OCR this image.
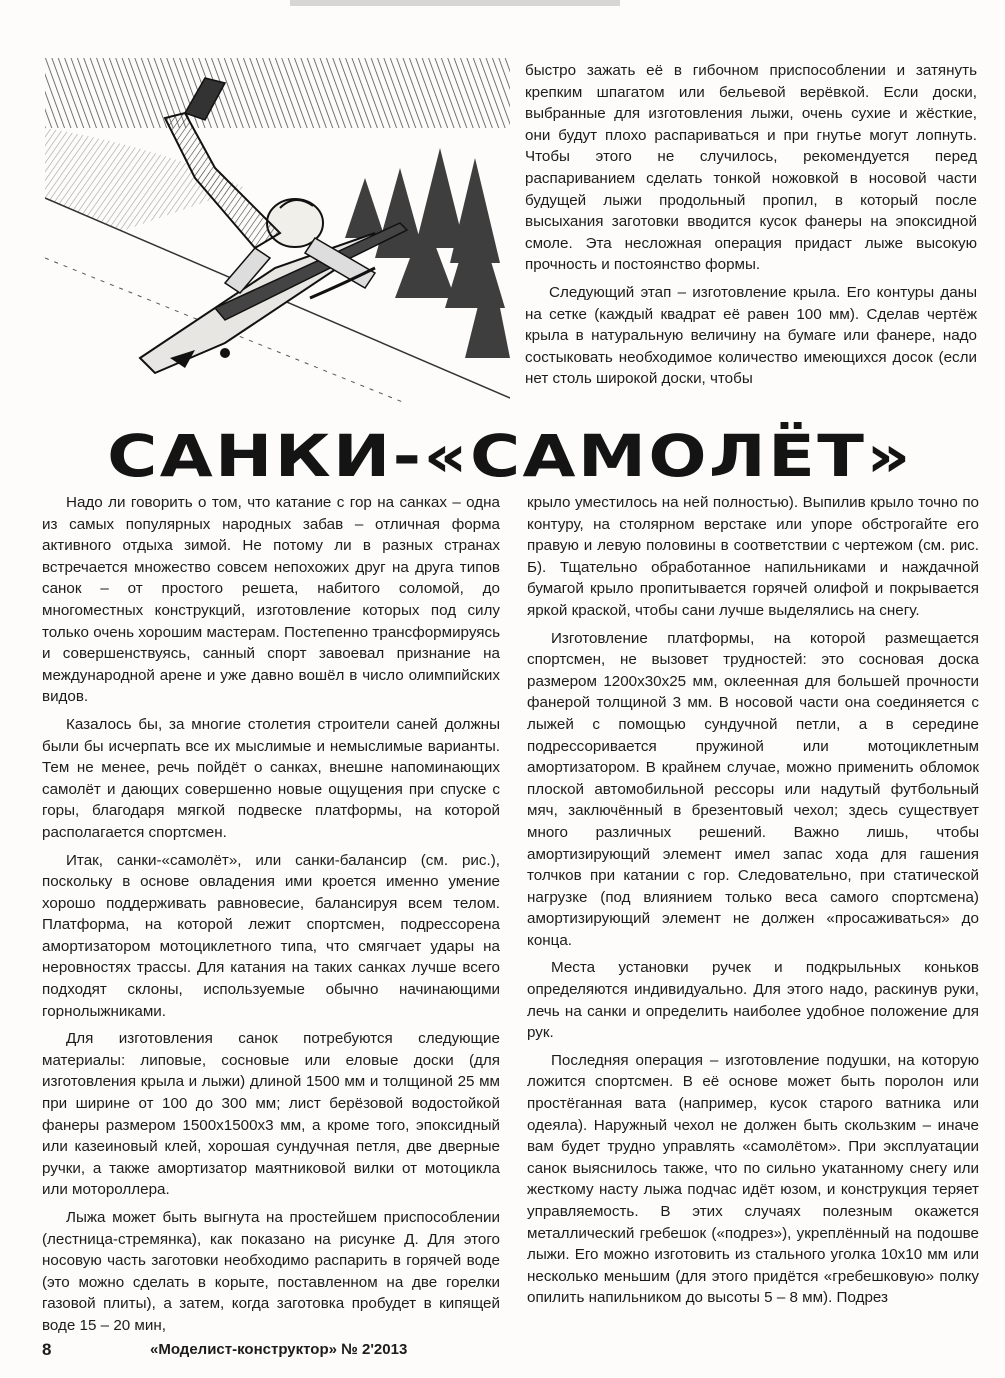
быстро зажать её в гибочном приспособлении и затянуть крепким шпагатом или бельевой верёвкой. Если доски, выбранные для изготовления лыжи, очень сухие и жёсткие, они будут плохо распариваться и при гнутье могут лопнуть. Чтобы этого не случилось, рекомендуется перед распариванием сделать тонкой ножовкой в носовой части будущей лыжи продольный пропил, в который после высыхания заготовки вводится кусок фанеры на эпоксидной смоле. Эта несложная операция придаст лыже высокую прочность и постоянство формы.

Следующий этап – изготовление крыла. Его контуры даны на сетке (каждый квадрат её равен 100 мм). Сделав чертёж крыла в натуральную величину на бумаге или фанере, надо состыковать необходимое количество имеющихся досок (если нет столь широкой доски, чтобы

САНКИ-«САМОЛЁТ»

Надо ли говорить о том, что катание с гор на санках – одна из самых популярных народных забав – отличная форма активного отдыха зимой. Не потому ли в разных странах встречается множество совсем непохожих друг на друга типов санок – от простого решета, набитого соломой, до многоместных конструкций, изготовление которых под силу только очень хорошим мастерам. Постепенно трансформируясь и совершенствуясь, санный спорт завоевал признание на международной арене и уже давно вошёл в число олимпийских видов.

Казалось бы, за многие столетия строители саней должны были бы исчерпать все их мыслимые и немыслимые варианты. Тем не менее, речь пойдёт о санках, внешне напоминающих самолёт и дающих совершенно новые ощущения при спуске с горы, благодаря мягкой подвеске платформы, на которой располагается спортсмен.

Итак, санки-«самолёт», или санки-балансир (см. рис.), поскольку в основе овладения ими кроется именно умение хорошо поддерживать равновесие, балансируя всем телом. Платформа, на которой лежит спортсмен, подрессорена амортизатором мотоциклетного типа, что смягчает удары на неровностях трассы. Для катания на таких санках лучше всего подходят склоны, используемые обычно начинающими горнолыжниками.

Для изготовления санок потребуются следующие материалы: липовые, сосновые или еловые доски (для изготовления крыла и лыжи) длиной 1500 мм и толщиной 25 мм при ширине от 100 до 300 мм; лист берёзовой водостойкой фанеры размером 1500х1500х3 мм, а кроме того, эпоксидный или казеиновый клей, хорошая сундучная петля, две дверные ручки, а также амортизатор маятниковой вилки от мотоцикла или мотороллера.

Лыжа может быть выгнута на простейшем приспособлении (лестница-стремянка), как показано на рисунке Д. Для этого носовую часть заготовки необходимо распарить в горячей воде (это можно сделать в корыте, поставленном на две горелки газовой плиты), а затем, когда заготовка пробудет в кипящей воде 15 – 20 мин,

крыло уместилось на ней полностью). Выпилив крыло точно по контуру, на столярном верстаке или упоре обстрогайте его правую и левую половины в соответствии с чертежом (см. рис. Б). Тщательно обработанное напильниками и наждачной бумагой крыло пропитывается горячей олифой и покрывается яркой краской, чтобы сани лучше выделялись на снегу.

Изготовление платформы, на которой размещается спортсмен, не вызовет трудностей: это сосновая доска размером 1200х30х25 мм, оклеенная для большей прочности фанерой толщиной 3 мм. В носовой части она соединяется с лыжей с помощью сундучной петли, а в середине подрессоривается пружиной или мотоциклетным амортизатором. В крайнем случае, можно применить обломок плоской автомобильной рессоры или надутый футбольный мяч, заключённый в брезентовый чехол; здесь существует много различных решений. Важно лишь, чтобы амортизирующий элемент имел запас хода для гашения толчков при катании с гор. Следовательно, при статической нагрузке (под влиянием только веса самого спортсмена) амортизирующий элемент не должен «просаживаться» до конца.

Места установки ручек и подкрыльных коньков определяются индивидуально. Для этого надо, раскинув руки, лечь на санки и определить наиболее удобное положение для рук.

Последняя операция – изготовление подушки, на которую ложится спортсмен. В её основе может быть поролон или простёганная вата (например, кусок старого ватника или одеяла). Наружный чехол не должен быть скользким – иначе вам будет трудно управлять «самолётом». При эксплуатации санок выяснилось также, что по сильно укатанному снегу или жесткому насту лыжа подчас идёт юзом, и конструкция теряет управляемость. В этих случаях полезным окажется металлический гребешок («подрез»), укреплённый на подошве лыжи. Его можно изготовить из стального уголка 10х10 мм или несколько меньшим (для этого придётся «гребешковую» полку опилить напильником до высоты 5 – 8 мм). Подрез

8	«Моделист-конструктор» № 2'2013
